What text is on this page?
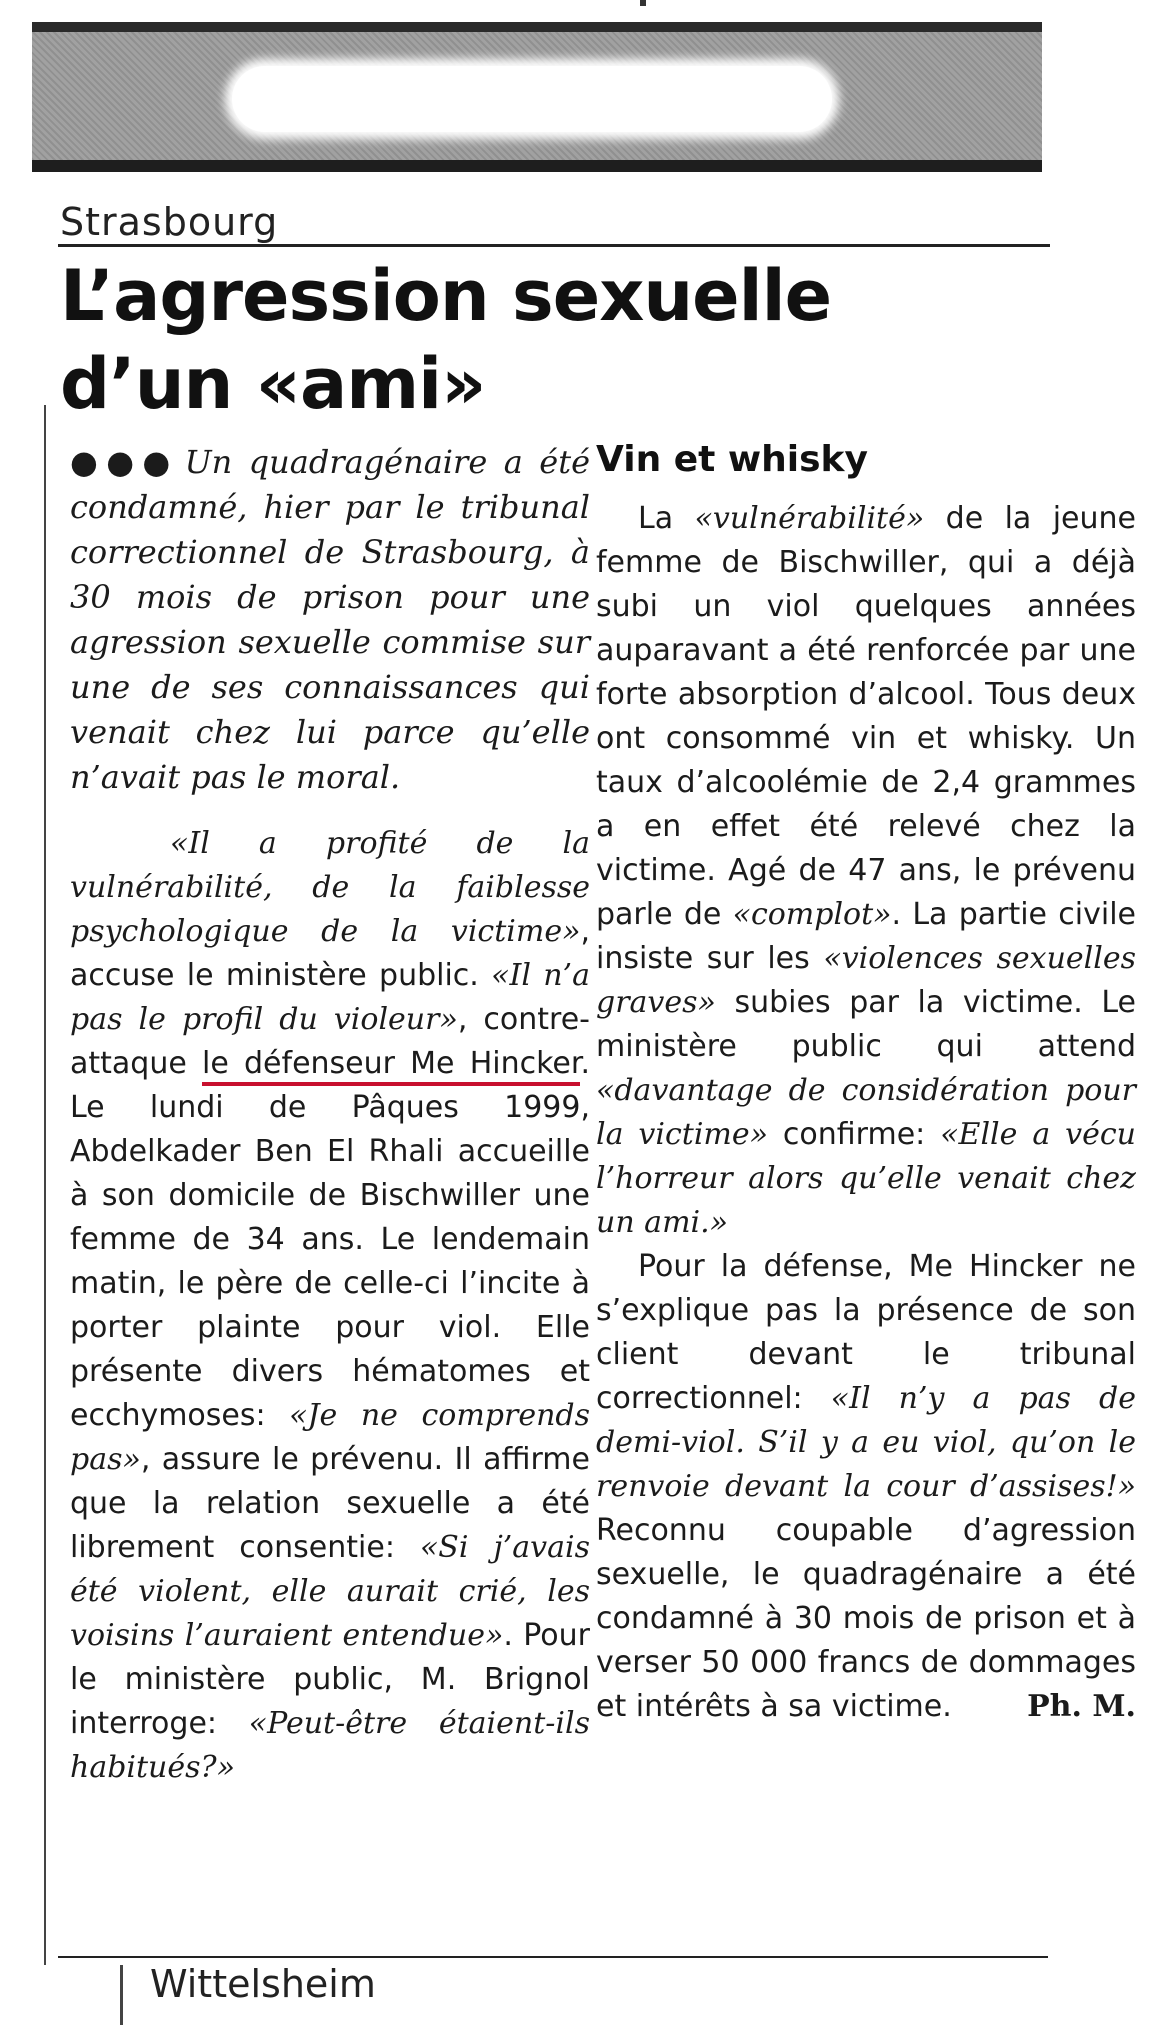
Strasbourg
L’agression sexuelle
d’un «ami»

●●● Un quadragénaire a été condamné, hier par le tribunal correctionnel de Strasbourg, à 30 mois de prison pour une agression sexuelle commise sur une de ses connaissances qui venait chez lui parce qu’elle n’avait pas le moral.

«Il a profité de la vulnérabilité, de la faiblesse psychologique de la victime», accuse le ministère public. «Il n’a pas le profil du violeur», contre-attaque le défenseur Me Hincker. Le lundi de Pâques 1999, Abdelkader Ben El Rhali accueille à son domicile de Bischwiller une femme de 34 ans. Le lendemain matin, le père de celle-ci l’incite à porter plainte pour viol. Elle présente divers hématomes et ecchymoses: «Je ne comprends pas», assure le prévenu. Il affirme que la relation sexuelle a été librement consentie: «Si j’avais été violent, elle aurait crié, les voisins l’auraient entendue». Pour le ministère public, M. Brignol interroge: «Peut-être étaient-ils habitués?»

Vin et whisky

La «vulnérabilité» de la jeune femme de Bischwiller, qui a déjà subi un viol quelques années auparavant a été renforcée par une forte absorption d’alcool. Tous deux ont consommé vin et whisky. Un taux d’alcoolémie de 2,4 grammes a en effet été relevé chez la victime. Agé de 47 ans, le prévenu parle de «complot». La partie civile insiste sur les «violences sexuelles graves» subies par la victime. Le ministère public qui attend «davantage de considération pour la victime» confirme: «Elle a vécu l’horreur alors qu’elle venait chez un ami.»

Pour la défense, Me Hincker ne s’explique pas la présence de son client devant le tribunal correctionnel: «Il n’y a pas de demi-viol. S’il y a eu viol, qu’on le renvoie devant la cour d’assises!» Reconnu coupable d’agression sexuelle, le quadragénaire a été condamné à 30 mois de prison et à verser 50 000 francs de dommages et intérêts à sa victime.	Ph. M.

Wittelsheim
